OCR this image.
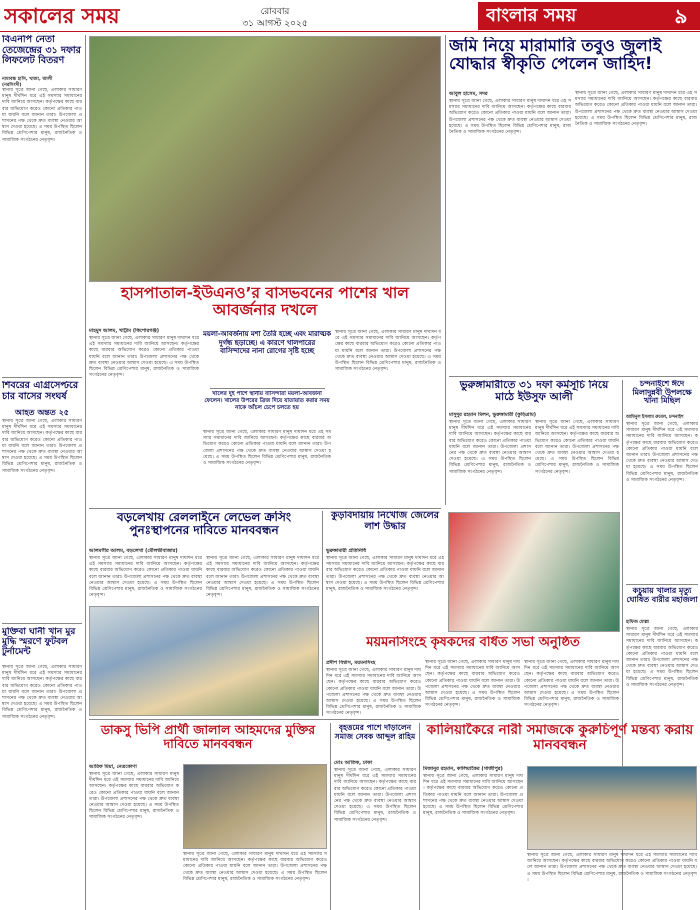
সকালের সময়	রোববার
৩১ আগস্ট ২০২৫	বাংলার সময়	৯
বিএনপি নেতা তেজেন্দ্রের ৩১ দফার লিফলেট বিতরণ
নামাবন্ধ হাসি, খাজা, আলী
(নরসিংদী)
স্থানীয় সূত্রে জানা গেছে, এলাকার সাধারণ মানুষ দীর্ঘদিন ধরে এই সমস্যার সমাধানের দাবি জানিয়ে আসছেন। কর্তৃপক্ষের কাছে বারবার অভিযোগ করেও কোনো প্রতিকার পাওয়া যায়নি বলে জানান তারা। উপজেলা প্রশাসনের পক্ষ থেকে দ্রুত ব্যবস্থা নেওয়ার আশ্বাস দেওয়া হয়েছে। এ সময় উপস্থিত ছিলেন বিভিন্ন শ্রেণিপেশার মানুষ, রাজনৈতিক ও সামাজিক সংগঠনের নেতৃবৃন্দ।
শিবরের এগ্রিসেপ্টরে চার বাসের সংঘর্ষ
আহত অন্তত ২৫
স্থানীয় সূত্রে জানা গেছে, এলাকার সাধারণ মানুষ দীর্ঘদিন ধরে এই সমস্যার সমাধানের দাবি জানিয়ে আসছেন। কর্তৃপক্ষের কাছে বারবার অভিযোগ করেও কোনো প্রতিকার পাওয়া যায়নি বলে জানান তারা। উপজেলা প্রশাসনের পক্ষ থেকে দ্রুত ব্যবস্থা নেওয়ার আশ্বাস দেওয়া হয়েছে। এ সময় উপস্থিত ছিলেন বিভিন্ন শ্রেণিপেশার মানুষ, রাজনৈতিক ও সামাজিক সংগঠনের নেতৃবৃন্দ।
মুক্তিবা ঘানী খান মুর মুদ্ধি স্মরণে ফুটবল টুর্নামেন্ট
স্থানীয় সূত্রে জানা গেছে, এলাকার সাধারণ মানুষ দীর্ঘদিন ধরে এই সমস্যার সমাধানের দাবি জানিয়ে আসছেন। কর্তৃপক্ষের কাছে বারবার অভিযোগ করেও কোনো প্রতিকার পাওয়া যায়নি বলে জানান তারা। উপজেলা প্রশাসনের পক্ষ থেকে দ্রুত ব্যবস্থা নেওয়ার আশ্বাস দেওয়া হয়েছে। এ সময় উপস্থিত ছিলেন বিভিন্ন শ্রেণিপেশার মানুষ, রাজনৈতিক ও সামাজিক সংগঠনের নেতৃবৃন্দ।
হাসপাতাল-ইউএনও’র বাসভবনের পাশের খাল আবর্জনার দখলে
মাহমুদ আলম, খাট্টাম (কিশোরগঞ্জ)
স্থানীয় সূত্রে জানা গেছে, এলাকার সাধারণ মানুষ দীর্ঘদিন ধরে এই সমস্যার সমাধানের দাবি জানিয়ে আসছেন। কর্তৃপক্ষের কাছে বারবার অভিযোগ করেও কোনো প্রতিকার পাওয়া যায়নি বলে জানান তারা। উপজেলা প্রশাসনের পক্ষ থেকে দ্রুত ব্যবস্থা নেওয়ার আশ্বাস দেওয়া হয়েছে। এ সময় উপস্থিত ছিলেন বিভিন্ন শ্রেণিপেশার মানুষ, রাজনৈতিক ও সামাজিক সংগঠনের নেতৃবৃন্দ।
ময়লা-আবর্জনায় মশা তৈরি হচ্ছে এবং মারাত্মক দুর্গন্ধ ছড়াচ্ছে। এ কারণে খালপারের বাসিন্দাদের নানা রোগের সৃষ্টি হচ্ছে
খালের দুই পাশে স্থানীয় বাসিন্দারা ময়লা-আবর্জনা ফেলেন। খালের উপরের ব্রিজ দিয়ে যাতায়াত করার সময় নাকে আঁচল চেপে চলতে হয়
স্থানীয় সূত্রে জানা গেছে, এলাকার সাধারণ মানুষ দীর্ঘদিন ধরে এই সমস্যার সমাধানের দাবি জানিয়ে আসছেন। কর্তৃপক্ষের কাছে বারবার অভিযোগ করেও কোনো প্রতিকার পাওয়া যায়নি বলে জানান তারা। উপজেলা প্রশাসনের পক্ষ থেকে দ্রুত ব্যবস্থা নেওয়ার আশ্বাস দেওয়া হয়েছে। এ সময় উপস্থিত ছিলেন বিভিন্ন শ্রেণিপেশার মানুষ, রাজনৈতিক ও সামাজিক সংগঠনের নেতৃবৃন্দ।
স্থানীয় সূত্রে জানা গেছে, এলাকার সাধারণ মানুষ দীর্ঘদিন ধরে এই সমস্যার সমাধানের দাবি জানিয়ে আসছেন। কর্তৃপক্ষের কাছে বারবার অভিযোগ করেও কোনো প্রতিকার পাওয়া যায়নি বলে জানান তারা। উপজেলা প্রশাসনের পক্ষ থেকে দ্রুত ব্যবস্থা নেওয়ার আশ্বাস দেওয়া হয়েছে। এ সময় উপস্থিত ছিলেন বিভিন্ন শ্রেণিপেশার মানুষ, রাজনৈতিক ও সামাজিক সংগঠনের নেতৃবৃন্দ।
জমি নিয়ে মারামারি তবুও জুলাই যোদ্ধার স্বীকৃতি পেলেন জাহিদ!
আবুল হাসেম, সদর
স্থানীয় সূত্রে জানা গেছে, এলাকার সাধারণ মানুষ দীর্ঘদিন ধরে এই সমস্যার সমাধানের দাবি জানিয়ে আসছেন। কর্তৃপক্ষের কাছে বারবার অভিযোগ করেও কোনো প্রতিকার পাওয়া যায়নি বলে জানান তারা। উপজেলা প্রশাসনের পক্ষ থেকে দ্রুত ব্যবস্থা নেওয়ার আশ্বাস দেওয়া হয়েছে। এ সময় উপস্থিত ছিলেন বিভিন্ন শ্রেণিপেশার মানুষ, রাজনৈতিক ও সামাজিক সংগঠনের নেতৃবৃন্দ।
স্থানীয় সূত্রে জানা গেছে, এলাকার সাধারণ মানুষ দীর্ঘদিন ধরে এই সমস্যার সমাধানের দাবি জানিয়ে আসছেন। কর্তৃপক্ষের কাছে বারবার অভিযোগ করেও কোনো প্রতিকার পাওয়া যায়নি বলে জানান তারা। উপজেলা প্রশাসনের পক্ষ থেকে দ্রুত ব্যবস্থা নেওয়ার আশ্বাস দেওয়া হয়েছে। এ সময় উপস্থিত ছিলেন বিভিন্ন শ্রেণিপেশার মানুষ, রাজনৈতিক ও সামাজিক সংগঠনের নেতৃবৃন্দ।
ভুরুঙ্গামারীতে ৩১ দফা কর্মসূচি নিয়ে মাঠে ইউসুফ আলী
মাসুদুর রহমান মিলন, ভুরুঙ্গামারী (কুড়িগ্রাম)
স্থানীয় সূত্রে জানা গেছে, এলাকার সাধারণ মানুষ দীর্ঘদিন ধরে এই সমস্যার সমাধানের দাবি জানিয়ে আসছেন। কর্তৃপক্ষের কাছে বারবার অভিযোগ করেও কোনো প্রতিকার পাওয়া যায়নি বলে জানান তারা। উপজেলা প্রশাসনের পক্ষ থেকে দ্রুত ব্যবস্থা নেওয়ার আশ্বাস দেওয়া হয়েছে। এ সময় উপস্থিত ছিলেন বিভিন্ন শ্রেণিপেশার মানুষ, রাজনৈতিক ও সামাজিক সংগঠনের নেতৃবৃন্দ।
স্থানীয় সূত্রে জানা গেছে, এলাকার সাধারণ মানুষ দীর্ঘদিন ধরে এই সমস্যার সমাধানের দাবি জানিয়ে আসছেন। কর্তৃপক্ষের কাছে বারবার অভিযোগ করেও কোনো প্রতিকার পাওয়া যায়নি বলে জানান তারা। উপজেলা প্রশাসনের পক্ষ থেকে দ্রুত ব্যবস্থা নেওয়ার আশ্বাস দেওয়া হয়েছে। এ সময় উপস্থিত ছিলেন বিভিন্ন শ্রেণিপেশার মানুষ, রাজনৈতিক ও সামাজিক সংগঠনের নেতৃবৃন্দ।
চন্দনাইশে ঈদে মিলাদুন্নবী উপলক্ষে খানা মিছিল
আমিনুল ইসলাম রুবেল, চন্দনাইশ
স্থানীয় সূত্রে জানা গেছে, এলাকার সাধারণ মানুষ দীর্ঘদিন ধরে এই সমস্যার সমাধানের দাবি জানিয়ে আসছেন। কর্তৃপক্ষের কাছে বারবার অভিযোগ করেও কোনো প্রতিকার পাওয়া যায়নি বলে জানান তারা। উপজেলা প্রশাসনের পক্ষ থেকে দ্রুত ব্যবস্থা নেওয়ার আশ্বাস দেওয়া হয়েছে। এ সময় উপস্থিত ছিলেন বিভিন্ন শ্রেণিপেশার মানুষ, রাজনৈতিক ও সামাজিক সংগঠনের নেতৃবৃন্দ।
কচুয়ায় খালার মৃত্যু ঘোষিত বারীর মহাজলা
হাফিজ মোল্লা
স্থানীয় সূত্রে জানা গেছে, এলাকার সাধারণ মানুষ দীর্ঘদিন ধরে এই সমস্যার সমাধানের দাবি জানিয়ে আসছেন। কর্তৃপক্ষের কাছে বারবার অভিযোগ করেও কোনো প্রতিকার পাওয়া যায়নি বলে জানান তারা। উপজেলা প্রশাসনের পক্ষ থেকে দ্রুত ব্যবস্থা নেওয়ার আশ্বাস দেওয়া হয়েছে। এ সময় উপস্থিত ছিলেন বিভিন্ন শ্রেণিপেশার মানুষ, রাজনৈতিক ও সামাজিক সংগঠনের নেতৃবৃন্দ।
বড়লেখায় রেললাইনে লেভেল ক্রসিং পুনঃস্থাপনের দাবিতে মানববন্ধন
আলমগীর আলম, বড়লেখা (মৌলভীবাজার)
স্থানীয় সূত্রে জানা গেছে, এলাকার সাধারণ মানুষ দীর্ঘদিন ধরে এই সমস্যার সমাধানের দাবি জানিয়ে আসছেন। কর্তৃপক্ষের কাছে বারবার অভিযোগ করেও কোনো প্রতিকার পাওয়া যায়নি বলে জানান তারা। উপজেলা প্রশাসনের পক্ষ থেকে দ্রুত ব্যবস্থা নেওয়ার আশ্বাস দেওয়া হয়েছে। এ সময় উপস্থিত ছিলেন বিভিন্ন শ্রেণিপেশার মানুষ, রাজনৈতিক ও সামাজিক সংগঠনের নেতৃবৃন্দ।
স্থানীয় সূত্রে জানা গেছে, এলাকার সাধারণ মানুষ দীর্ঘদিন ধরে এই সমস্যার সমাধানের দাবি জানিয়ে আসছেন। কর্তৃপক্ষের কাছে বারবার অভিযোগ করেও কোনো প্রতিকার পাওয়া যায়নি বলে জানান তারা। উপজেলা প্রশাসনের পক্ষ থেকে দ্রুত ব্যবস্থা নেওয়ার আশ্বাস দেওয়া হয়েছে। এ সময় উপস্থিত ছিলেন বিভিন্ন শ্রেণিপেশার মানুষ, রাজনৈতিক ও সামাজিক সংগঠনের নেতৃবৃন্দ।
কুড়বিদায়ায় নিখোঁজ জেলের লাশ উদ্ধার
ভুরুঙ্গামারী প্রতিনিধি
স্থানীয় সূত্রে জানা গেছে, এলাকার সাধারণ মানুষ দীর্ঘদিন ধরে এই সমস্যার সমাধানের দাবি জানিয়ে আসছেন। কর্তৃপক্ষের কাছে বারবার অভিযোগ করেও কোনো প্রতিকার পাওয়া যায়নি বলে জানান তারা। উপজেলা প্রশাসনের পক্ষ থেকে দ্রুত ব্যবস্থা নেওয়ার আশ্বাস দেওয়া হয়েছে। এ সময় উপস্থিত ছিলেন বিভিন্ন শ্রেণিপেশার মানুষ, রাজনৈতিক ও সামাজিক সংগঠনের নেতৃবৃন্দ।
ময়মনসিংহে কৃষকদের বর্ধিত সভা অনুষ্ঠিত
প্রদীপ বিশ্বাস, ময়মনসিংহ
স্থানীয় সূত্রে জানা গেছে, এলাকার সাধারণ মানুষ দীর্ঘদিন ধরে এই সমস্যার সমাধানের দাবি জানিয়ে আসছেন। কর্তৃপক্ষের কাছে বারবার অভিযোগ করেও কোনো প্রতিকার পাওয়া যায়নি বলে জানান তারা। উপজেলা প্রশাসনের পক্ষ থেকে দ্রুত ব্যবস্থা নেওয়ার আশ্বাস দেওয়া হয়েছে। এ সময় উপস্থিত ছিলেন বিভিন্ন শ্রেণিপেশার মানুষ, রাজনৈতিক ও সামাজিক সংগঠনের নেতৃবৃন্দ।
স্থানীয় সূত্রে জানা গেছে, এলাকার সাধারণ মানুষ দীর্ঘদিন ধরে এই সমস্যার সমাধানের দাবি জানিয়ে আসছেন। কর্তৃপক্ষের কাছে বারবার অভিযোগ করেও কোনো প্রতিকার পাওয়া যায়নি বলে জানান তারা। উপজেলা প্রশাসনের পক্ষ থেকে দ্রুত ব্যবস্থা নেওয়ার আশ্বাস দেওয়া হয়েছে। এ সময় উপস্থিত ছিলেন বিভিন্ন শ্রেণিপেশার মানুষ, রাজনৈতিক ও সামাজিক সংগঠনের নেতৃবৃন্দ।
স্থানীয় সূত্রে জানা গেছে, এলাকার সাধারণ মানুষ দীর্ঘদিন ধরে এই সমস্যার সমাধানের দাবি জানিয়ে আসছেন। কর্তৃপক্ষের কাছে বারবার অভিযোগ করেও কোনো প্রতিকার পাওয়া যায়নি বলে জানান তারা। উপজেলা প্রশাসনের পক্ষ থেকে দ্রুত ব্যবস্থা নেওয়ার আশ্বাস দেওয়া হয়েছে। এ সময় উপস্থিত ছিলেন বিভিন্ন শ্রেণিপেশার মানুষ, রাজনৈতিক ও সামাজিক সংগঠনের নেতৃবৃন্দ।
ডাকসু ভিপি প্রার্থী জালাল আহমদের মুক্তির দাবিতে মানববন্ধন
আরিফ মিয়া, নেত্রকোণা
স্থানীয় সূত্রে জানা গেছে, এলাকার সাধারণ মানুষ দীর্ঘদিন ধরে এই সমস্যার সমাধানের দাবি জানিয়ে আসছেন। কর্তৃপক্ষের কাছে বারবার অভিযোগ করেও কোনো প্রতিকার পাওয়া যায়নি বলে জানান তারা। উপজেলা প্রশাসনের পক্ষ থেকে দ্রুত ব্যবস্থা নেওয়ার আশ্বাস দেওয়া হয়েছে। এ সময় উপস্থিত ছিলেন বিভিন্ন শ্রেণিপেশার মানুষ, রাজনৈতিক ও সামাজিক সংগঠনের নেতৃবৃন্দ।
স্থানীয় সূত্রে জানা গেছে, এলাকার সাধারণ মানুষ দীর্ঘদিন ধরে এই সমস্যার সমাধানের দাবি জানিয়ে আসছেন। কর্তৃপক্ষের কাছে বারবার অভিযোগ করেও কোনো প্রতিকার পাওয়া যায়নি বলে জানান তারা। উপজেলা প্রশাসনের পক্ষ থেকে দ্রুত ব্যবস্থা নেওয়ার আশ্বাস দেওয়া হয়েছে। এ সময় উপস্থিত ছিলেন বিভিন্ন শ্রেণিপেশার মানুষ, রাজনৈতিক ও সামাজিক সংগঠনের নেতৃবৃন্দ।
বৃহত্তমের পাশে দাঁড়ালেন সমাজ সেবক আব্দুল রাহিম
মোঃ আতিক, ঢাকা
স্থানীয় সূত্রে জানা গেছে, এলাকার সাধারণ মানুষ দীর্ঘদিন ধরে এই সমস্যার সমাধানের দাবি জানিয়ে আসছেন। কর্তৃপক্ষের কাছে বারবার অভিযোগ করেও কোনো প্রতিকার পাওয়া যায়নি বলে জানান তারা। উপজেলা প্রশাসনের পক্ষ থেকে দ্রুত ব্যবস্থা নেওয়ার আশ্বাস দেওয়া হয়েছে। এ সময় উপস্থিত ছিলেন বিভিন্ন শ্রেণিপেশার মানুষ, রাজনৈতিক ও সামাজিক সংগঠনের নেতৃবৃন্দ।
কালিয়াকৈরে নারী সমাজকে কুরুচিপূর্ণ মন্তব্য করায় মানববন্ধন
মিজানুর রহমান, কালিয়াকৈর (গাজীপুর)
স্থানীয় সূত্রে জানা গেছে, এলাকার সাধারণ মানুষ দীর্ঘদিন ধরে এই সমস্যার সমাধানের দাবি জানিয়ে আসছেন। কর্তৃপক্ষের কাছে বারবার অভিযোগ করেও কোনো প্রতিকার পাওয়া যায়নি বলে জানান তারা। উপজেলা প্রশাসনের পক্ষ থেকে দ্রুত ব্যবস্থা নেওয়ার আশ্বাস দেওয়া হয়েছে। এ সময় উপস্থিত ছিলেন বিভিন্ন শ্রেণিপেশার মানুষ, রাজনৈতিক ও সামাজিক সংগঠনের নেতৃবৃন্দ।
স্থানীয় সূত্রে জানা গেছে, এলাকার সাধারণ মানুষ দীর্ঘদিন ধরে এই সমস্যার সমাধানের দাবি জানিয়ে আসছেন। কর্তৃপক্ষের কাছে বারবার অভিযোগ করেও কোনো প্রতিকার পাওয়া যায়নি বলে জানান তারা। উপজেলা প্রশাসনের পক্ষ থেকে দ্রুত ব্যবস্থা নেওয়ার আশ্বাস দেওয়া হয়েছে। এ সময় উপস্থিত ছিলেন বিভিন্ন শ্রেণিপেশার মানুষ, রাজনৈতিক ও সামাজিক সংগঠনের নেতৃবৃন্দ।
